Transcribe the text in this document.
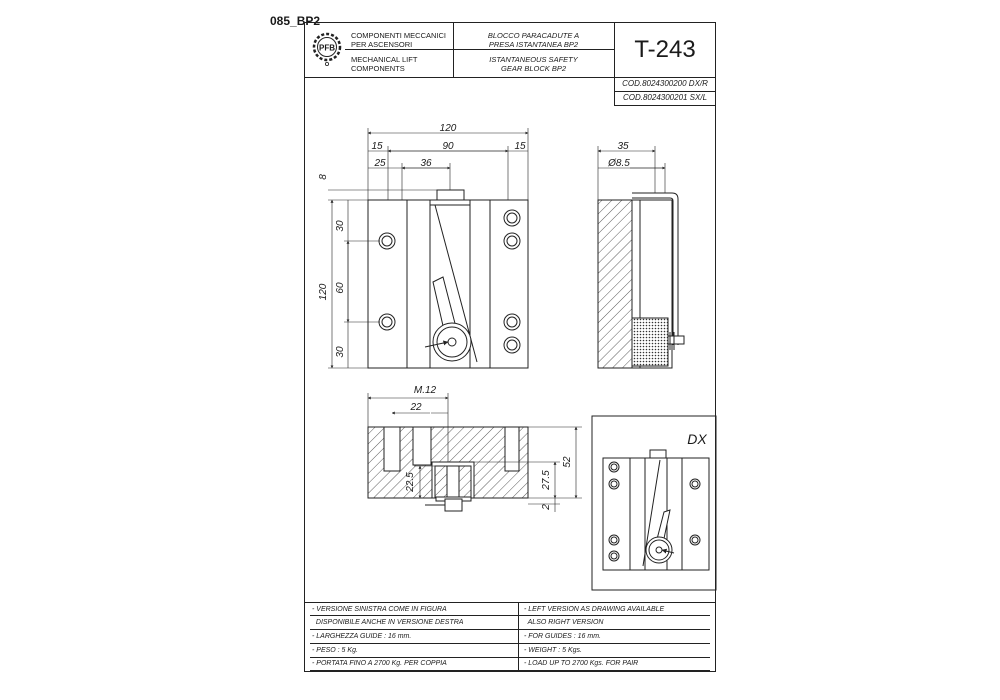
085_BP2
PFB
COMPONENTI MECCANICI
PER ASCENSORI
MECHANICAL LIFT
COMPONENTS
BLOCCO PARACADUTE A
PRESA ISTANTANEA BP2
ISTANTANEOUS SAFETY
GEAR BLOCK BP2
T-243
COD.8024300200 DX/R
COD.8024300201 SX/L
120
90
15	15
25	36
8
120
30
60
30
35
Ø8.5
M.12
22
52
27.5
22.5
2
DX
- VERSIONE SINISTRA COME IN FIGURA
DISPONIBILE ANCHE IN VERSIONE DESTRA
- LARGHEZZA GUIDE : 16 mm.
- PESO : 5 Kg.
- PORTATA FINO A 2700 Kg. PER COPPIA
- LEFT VERSION AS DRAWING AVAILABLE
ALSO RIGHT VERSION
- FOR GUIDES : 16 mm.
- WEIGHT : 5 Kgs.
- LOAD UP TO 2700 Kgs. FOR PAIR
